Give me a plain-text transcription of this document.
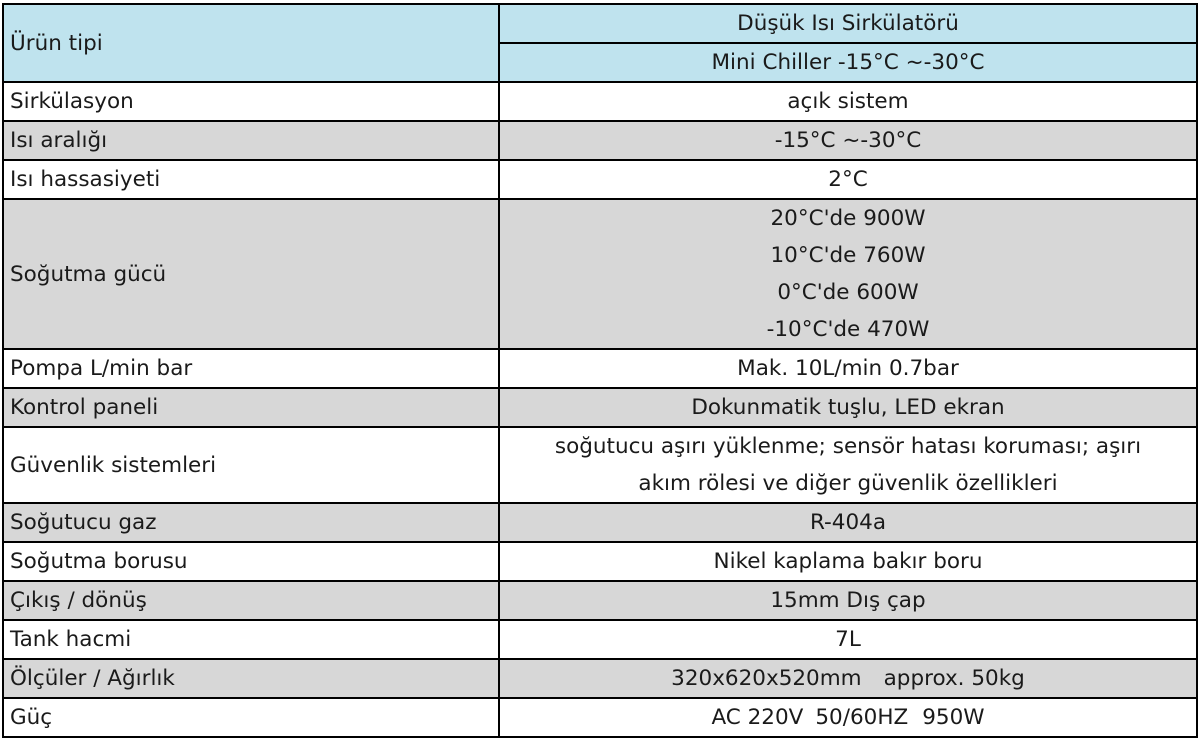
Ürün tipi	Düşük Isı Sirkülatörü
	Mini Chiller -15°C ~-30°C
Sirkülasyon	açık sistem
Isı aralığı	-15°C ~-30°C
Isı hassasiyeti	2°C
Soğutma gücü	20°C'de 900W
10°C'de 760W
0°C'de 600W
-10°C'de 470W

Pompa L/min bar	Mak. 10L/min 0.7bar
Kontrol paneli	Dokunmatik tuşlu, LED ekran
Güvenlik sistemleri	soğutucu aşırı yüklenme; sensör hatası koruması; aşırı
akım rölesi ve diğer güvenlik özellikleri

Soğutucu gaz	R-404a
Soğutma borusu	Nikel kaplama bakır boru
Çıkış / dönüş	15mm Dış çap
Tank hacmi	7L
Ölçüler / Ağırlık	320x620x520mm approx. 50kg
Güç	AC 220V 50/60HZ 950W
